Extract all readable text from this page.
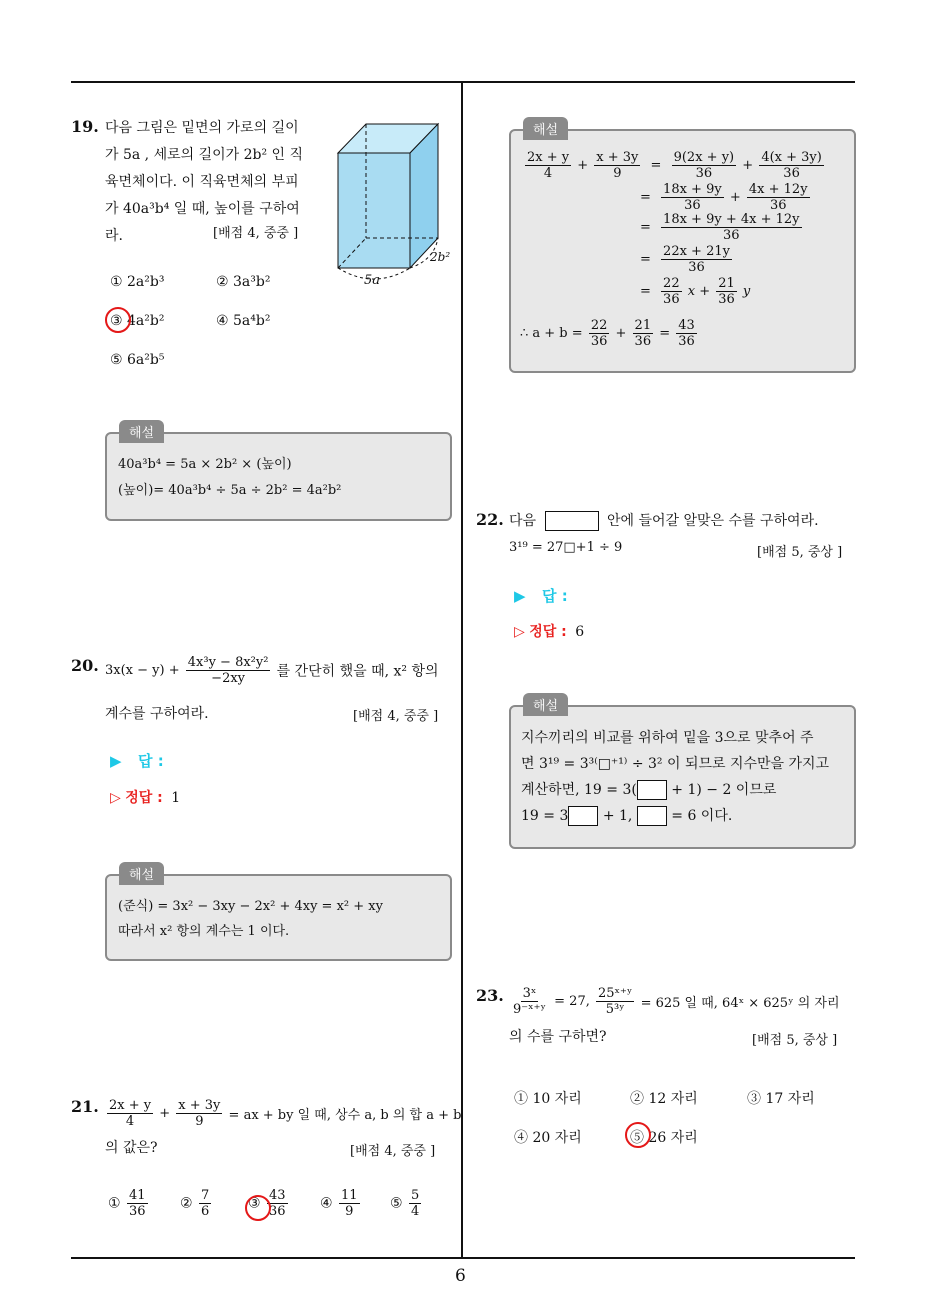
6
19. 다음 그림은 밑면의 가로의 길이
가 5a , 세로의 길이가 2b² 인 직
육면체이다. 이 직육면체의 부피
가 40a³b⁴ 일 때, 높이를 구하여
라.	[배점 4, 중중 ]
5a
2b²
① 2a²b³	② 3a³b²
③ 4a²b²	④ 5a⁴b²
⑤ 6a²b⁵
해설
40a³b⁴ = 5a × 2b² × (높이)
(높이)= 40a³b⁴ ÷ 5a ÷ 2b² = 4a²b²
20. $3x(x - y) + \frac{\text{4x³y − 8x²y²}}{-2xy}$ 를 간단히 했을 때, x² 항의
계수를 구하여라.	[배점 4, 중중 ]
▶ 답 :
▷ 정답 : 1
해설
(준식) = 3x² − 3xy − 2x² + 4xy = x² + xy
따라서 x² 항의 계수는 1 이다.
21. $\frac{2x + y}{4} + \frac{x + 3y}{9}$ = ax + by 일 때, 상수 a, b 의 합 a + b
의 값은?	[배점 4, 중중 ]
① $\frac{41}{36}$ ② $\frac{7}{6}$	③ $\frac{43}{36}$ ④ $\frac{11}{9}$ ⑤ $\frac{5}{4}$
해설
$\frac{2x + y}{4} + \frac{x + 3y}{9} = \frac{9(2x + y)}{36} + \frac{4(x + 3y)}{36}$
= $\frac{18x + 9y}{36} + \frac{4x + 12y}{36}$
= $\frac{18x + 9y + 4x + 12y}{36}$
= $\frac{22x + 21y}{36}$
= $\frac{22}{36}$ $x + \frac{21}{36}$ y
∴ $a + b = \frac{22}{36} + \frac{21}{36} = \frac{43}{36}$
22. 다음	안에 들어갈 알맞은 수를 구하여라.
3¹⁹ = 27□+1 ÷ 9	[배점 5, 중상 ]
▶ 답 :
▷ 정답 : 6
해설
지수끼리의 비교를 위하여 밑을 3으로 맞추어 주
면 3¹⁹ = 3³⁽□⁺¹⁾ ÷ 3² 이 되므로 지수만을 가지고
계산하면, 19 = 3( + 1) − 2 이므로
19 = 3 + 1,	= 6 이다.
23. $\frac{\text{3ˣ}}{\text{9⁻ˣ⁺ʸ}} = 27$, $\frac{\text{25ˣ⁺ʸ}}{\text{5³ʸ}} = 625$ 일 때, 64ˣ × 625ʸ 의 자리
의 수를 구하면?	[배점 5, 중상 ]
① 10 자리	② 12 자리	③ 17 자리
④ 20 자리	⑤ 26 자리
